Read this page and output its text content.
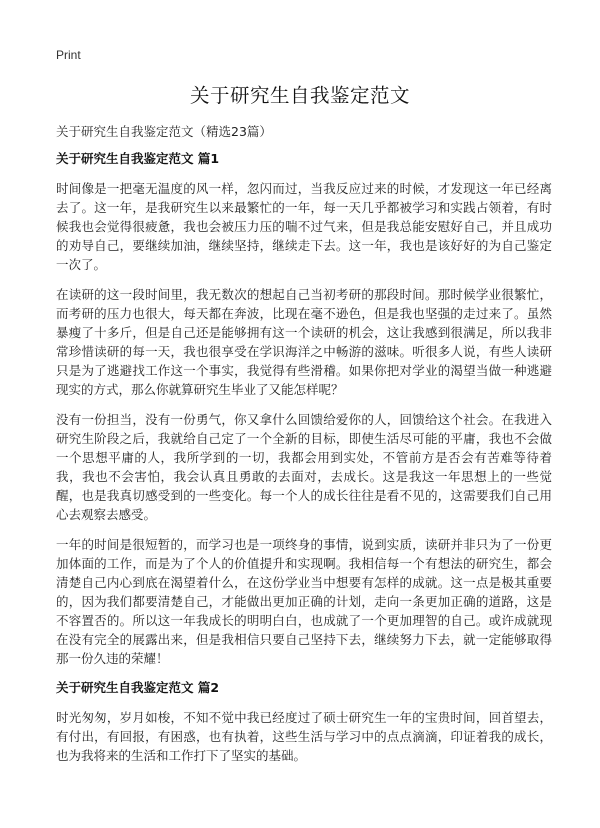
Print
关于研究生自我鉴定范文
关于研究生自我鉴定范文（精选23篇）
关于研究生自我鉴定范文 篇1

时间像是一把毫无温度的风一样，忽闪而过，当我反应过来的时候，才发现这一年已经离去了。这一年，是我研究生以来最繁忙的一年，每一天几乎都被学习和实践占领着，有时候我也会觉得很疲惫，我也会被压力压的喘不过气来，但是我总能安慰好自己，并且成功的劝导自己，要继续加油，继续坚持，继续走下去。这一年，我也是该好好的为自己鉴定一次了。

在读研的这一段时间里，我无数次的想起自己当初考研的那段时间。那时候学业很繁忙，而考研的压力也很大，每天都在奔波，比现在毫不逊色，但是我也坚强的走过来了。虽然暴瘦了十多斤，但是自己还是能够拥有这一个读研的机会，这让我感到很满足，所以我非常珍惜读研的每一天，我也很享受在学识海洋之中畅游的滋味。听很多人说，有些人读研只是为了逃避找工作这一个事实，我觉得有些滑稽。如果你把对学业的渴望当做一种逃避现实的方式，那么你就算研究生毕业了又能怎样呢？

没有一份担当，没有一份勇气，你又拿什么回馈给爱你的人，回馈给这个社会。在我进入研究生阶段之后，我就给自己定了一个全新的目标，即使生活尽可能的平庸，我也不会做一个思想平庸的人，我所学到的一切，我都会用到实处，不管前方是否会有苦难等待着我，我也不会害怕，我会认真且勇敢的去面对，去成长。这是我这一年思想上的一些觉醒，也是我真切感受到的一些变化。每一个人的成长往往是看不见的，这需要我们自己用心去观察去感受。

一年的时间是很短暂的，而学习也是一项终身的事情，说到实质，读研并非只为了一份更加体面的工作，而是为了个人的价值提升和实现啊。我相信每一个有想法的研究生，都会清楚自己内心到底在渴望着什么，在这份学业当中想要有怎样的成就。这一点是极其重要的，因为我们都要清楚自己，才能做出更加正确的计划，走向一条更加正确的道路，这是不容置否的。所以这一年我成长的明明白白，也成就了一个更加理智的自己。或许成就现在没有完全的展露出来，但是我相信只要自己坚持下去，继续努力下去，就一定能够取得那一份久违的荣耀！

关于研究生自我鉴定范文 篇2

时光匆匆，岁月如梭，不知不觉中我已经度过了硕士研究生一年的宝贵时间，回首望去，有付出，有回报，有困惑，也有执着，这些生活与学习中的点点滴滴，印证着我的成长，也为我将来的生活和工作打下了坚实的基础。
